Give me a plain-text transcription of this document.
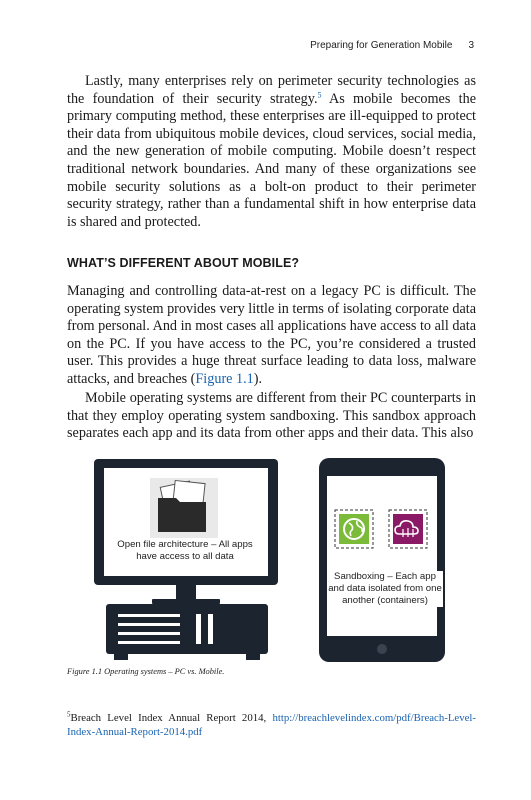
Preparing for Generation Mobile 3

Lastly, many enterprises rely on perimeter security technologies as the foundation of their security strategy.$^5$ As mobile becomes the primary computing method, these enterprises are ill-equipped to protect their data from ubiquitous mobile devices, cloud services, social media, and the new generation of mobile computing. Mobile doesn’t respect traditional network boundaries. And many of these organizations see mobile security solutions as a bolt-on product to their perimeter security strategy, rather than a fundamental shift in how enterprise data is shared and protected.

WHAT’S DIFFERENT ABOUT MOBILE?

Managing and controlling data-at-rest on a legacy PC is difficult. The operating system provides very little in terms of isolating corporate data from personal. And in most cases all applications have access to all data on the PC. If you have access to the PC, you’re considered a trusted user. This provides a huge threat surface leading to data loss, malware attacks, and breaches (Figure 1.1).

Mobile operating systems are different from their PC counterparts in that they employ operating system sandboxing. This sandbox approach separates each app and its data from other apps and their data. This also

Open file architecture – All apps have access to all data
Sandboxing – Each app and data isolated from one another (containers)

Figure 1.1 Operating systems – PC vs. Mobile.

$^5$Breach Level Index Annual Report 2014, http://breachlevelindex.com/pdf/Breach-Level-Index-Annual-Report-2014.pdf
